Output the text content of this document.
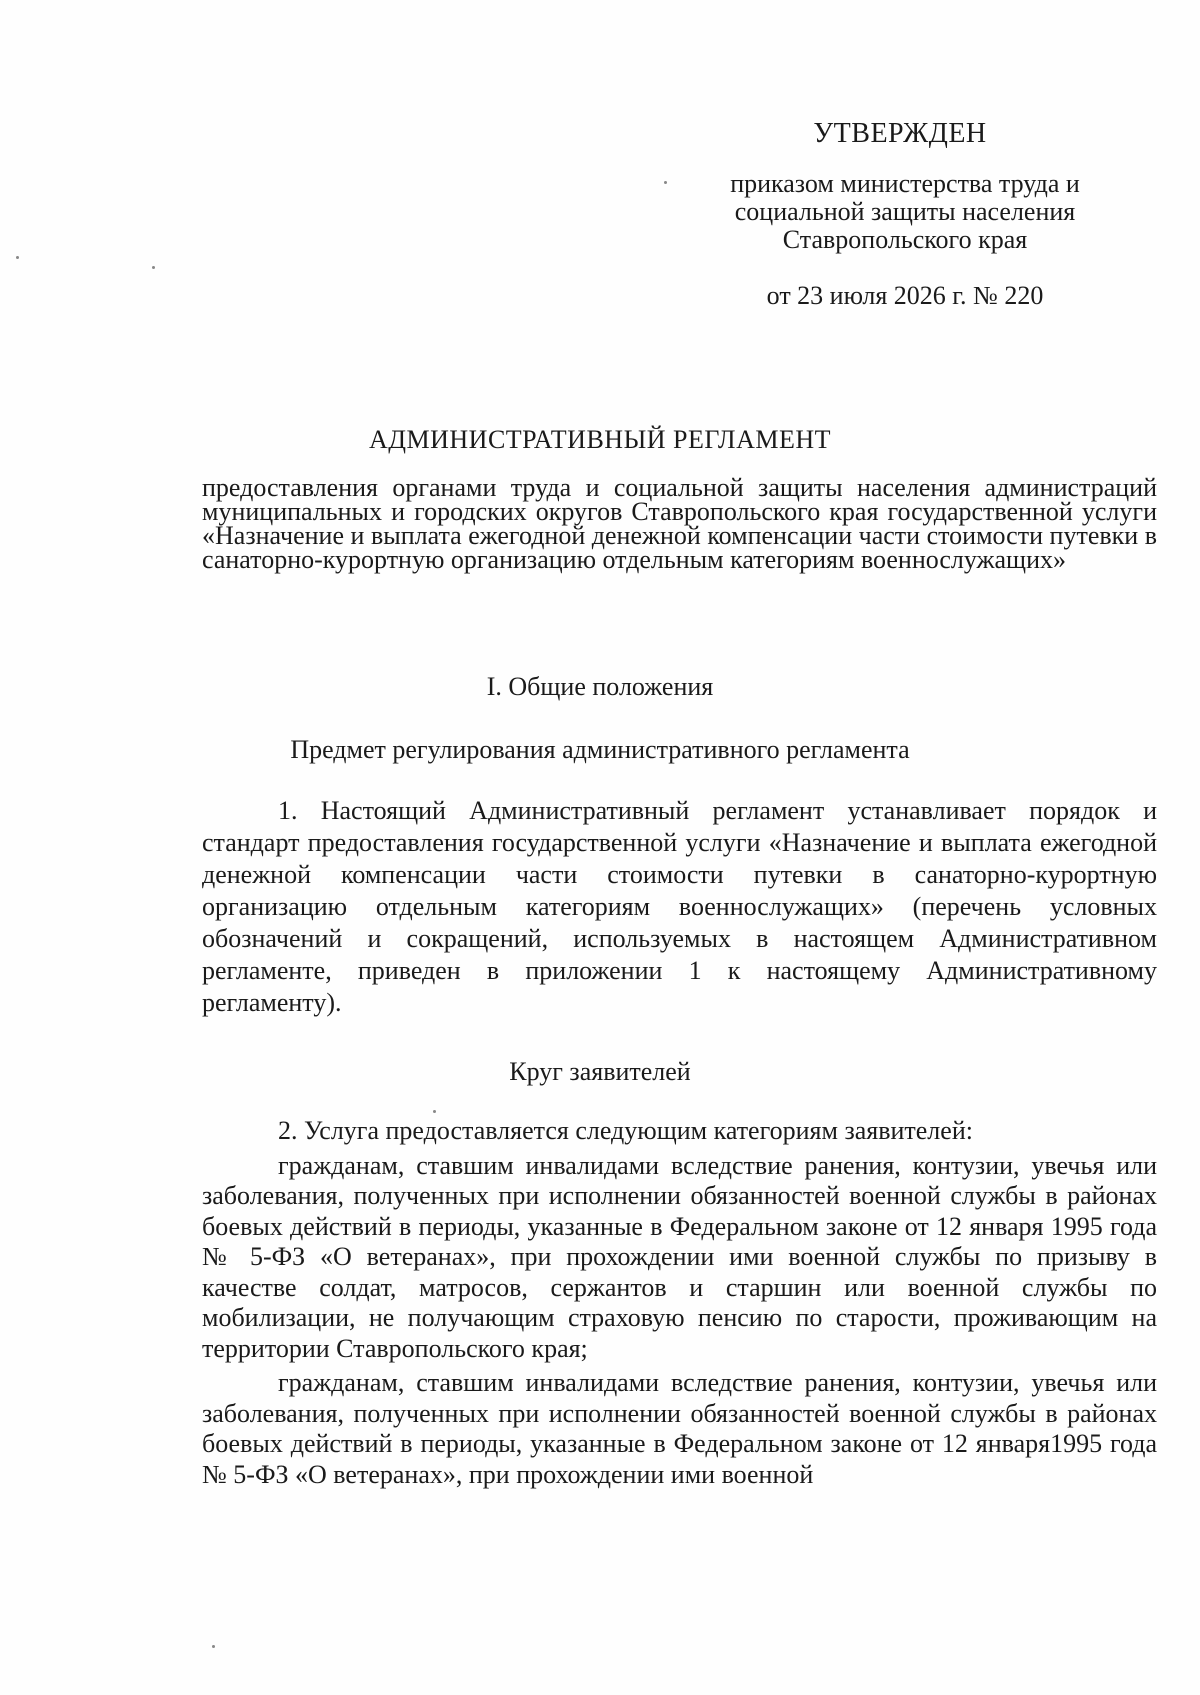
УТВЕРЖДЕН
приказом министерства труда и
социальной защиты населения
Ставропольского края
от 23 июля 2026 г. № 220
АДМИНИСТРАТИВНЫЙ РЕГЛАМЕНТ
предоставления органами труда и социальной защиты населения администраций муниципальных и городских округов Ставропольского края государственной услуги «Назначение и выплата ежегодной денежной компенсации части стоимости путевки в санаторно-курортную организацию отдельным категориям военнослужащих»
I. Общие положения
Предмет регулирования административного регламента

1. Настоящий Административный регламент устанавливает порядок и стандарт предоставления государственной услуги «Назначение и выплата ежегодной денежной компенсации части стоимости путевки в санаторно-курортную организацию отдельным категориям военнослужащих» (перечень условных обозначений и сокращений, используемых в настоящем Административном регламенте, приведен в приложении 1 к настоящему Административному регламенту).

Круг заявителей

2. Услуга предоставляется следующим категориям заявителей:

гражданам, ставшим инвалидами вследствие ранения, контузии, увечья или заболевания, полученных при исполнении обязанностей военной службы в районах боевых действий в периоды, указанные в Федеральном законе от 12 января 1995 года № 5-ФЗ «О ветеранах», при прохождении ими военной службы по призыву в качестве солдат, матросов, сержантов и старшин или военной службы по мобилизации, не получающим страховую пенсию по старости, проживающим на территории Ставропольского края;

гражданам, ставшим инвалидами вследствие ранения, контузии, увечья или заболевания, полученных при исполнении обязанностей военной службы в районах боевых действий в периоды, указанные в Федеральном законе от 12 января1995 года № 5-ФЗ «О ветеранах», при прохождении ими военной
